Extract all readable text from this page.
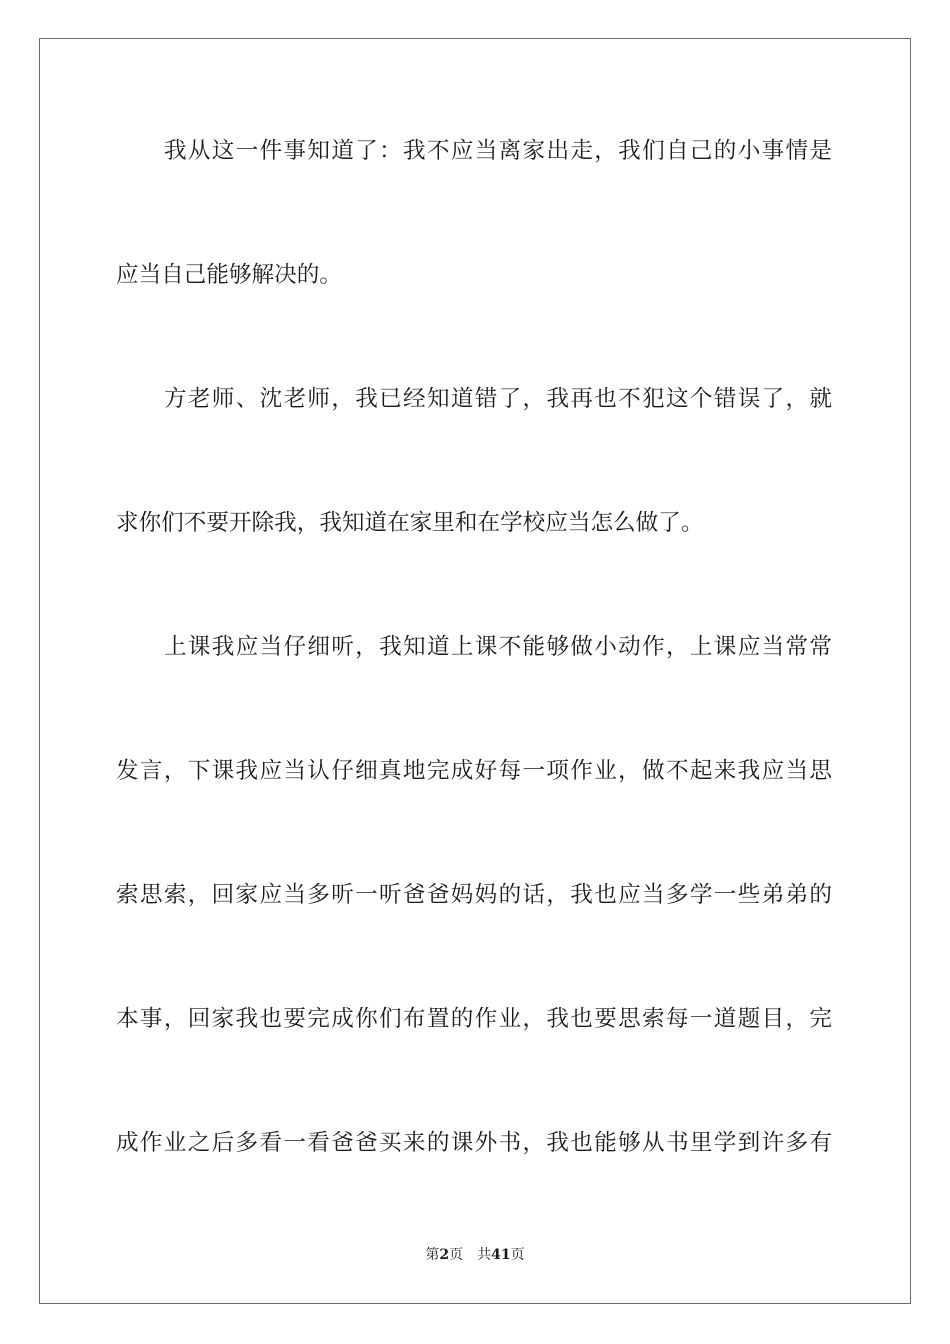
我从这一件事知道了：我不应当离家出走，我们自己的小事情是
应当自己能够解决的。
方老师、沈老师，我已经知道错了，我再也不犯这个错误了，就
求你们不要开除我，我知道在家里和在学校应当怎么做了。
上课我应当仔细听，我知道上课不能够做小动作，上课应当常常
发言，下课我应当认仔细真地完成好每一项作业，做不起来我应当思
索思索，回家应当多听一听爸爸妈妈的话，我也应当多学一些弟弟的
本事，回家我也要完成你们布置的作业，我也要思索每一道题目，完
成作业之后多看一看爸爸买来的课外书，我也能够从书里学到许多有
第2页 共41页
